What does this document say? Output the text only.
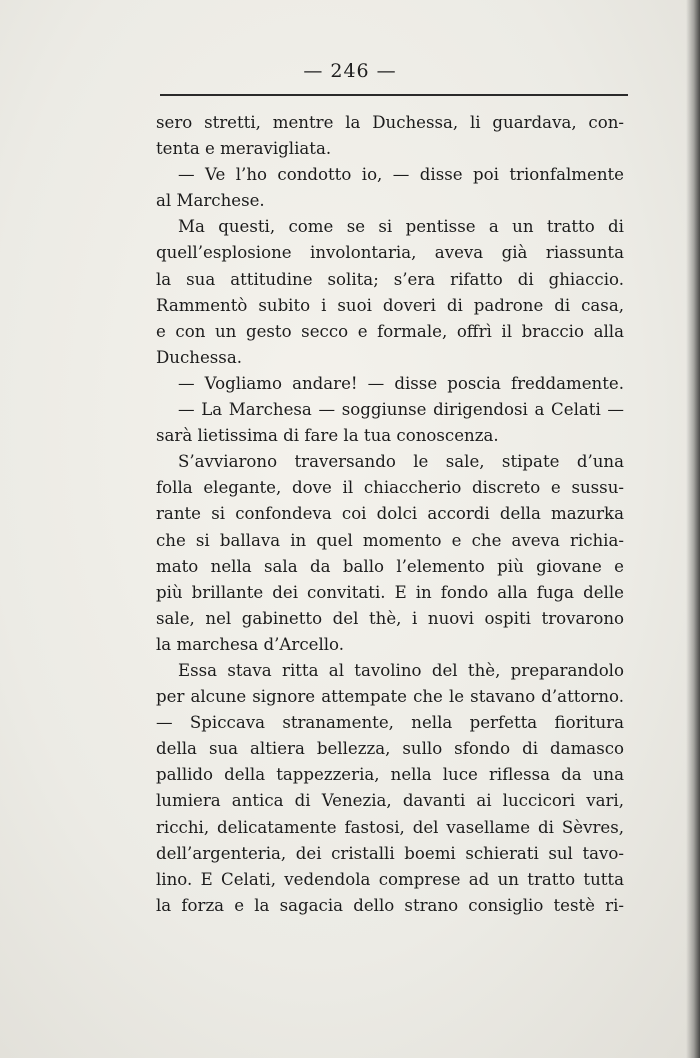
— 246 —
sero stretti, mentre la Duchessa, li guardava, con-
tenta e meravigliata.
— Ve l’ho condotto io, — disse poi trionfalmente
al Marchese.
Ma questi, come se si pentisse a un tratto di
quell’esplosione involontaria, aveva già riassunta
la sua attitudine solita; s’era rifatto di ghiaccio.
Rammentò subito i suoi doveri di padrone di casa,
e con un gesto secco e formale, offrì il braccio alla
Duchessa.
— Vogliamo andare! — disse poscia freddamente.
— La Marchesa — soggiunse dirigendosi a Celati —
sarà lietissima di fare la tua conoscenza.
S’avviarono traversando le sale, stipate d’una
folla elegante, dove il chiaccherio discreto e sussu-
rante si confondeva coi dolci accordi della mazurka
che si ballava in quel momento e che aveva richia-
mato nella sala da ballo l’elemento più giovane e
più brillante dei convitati. E in fondo alla fuga delle
sale, nel gabinetto del thè, i nuovi ospiti trovarono
la marchesa d’Arcello.
Essa stava ritta al tavolino del thè, preparandolo
per alcune signore attempate che le stavano d’attorno.
— Spiccava stranamente, nella perfetta fioritura
della sua altiera bellezza, sullo sfondo di damasco
pallido della tappezzeria, nella luce riflessa da una
lumiera antica di Venezia, davanti ai luccicori vari,
ricchi, delicatamente fastosi, del vasellame di Sèvres,
dell’argenteria, dei cristalli boemi schierati sul tavo-
lino. E Celati, vedendola comprese ad un tratto tutta
la forza e la sagacia dello strano consiglio testè ri-
